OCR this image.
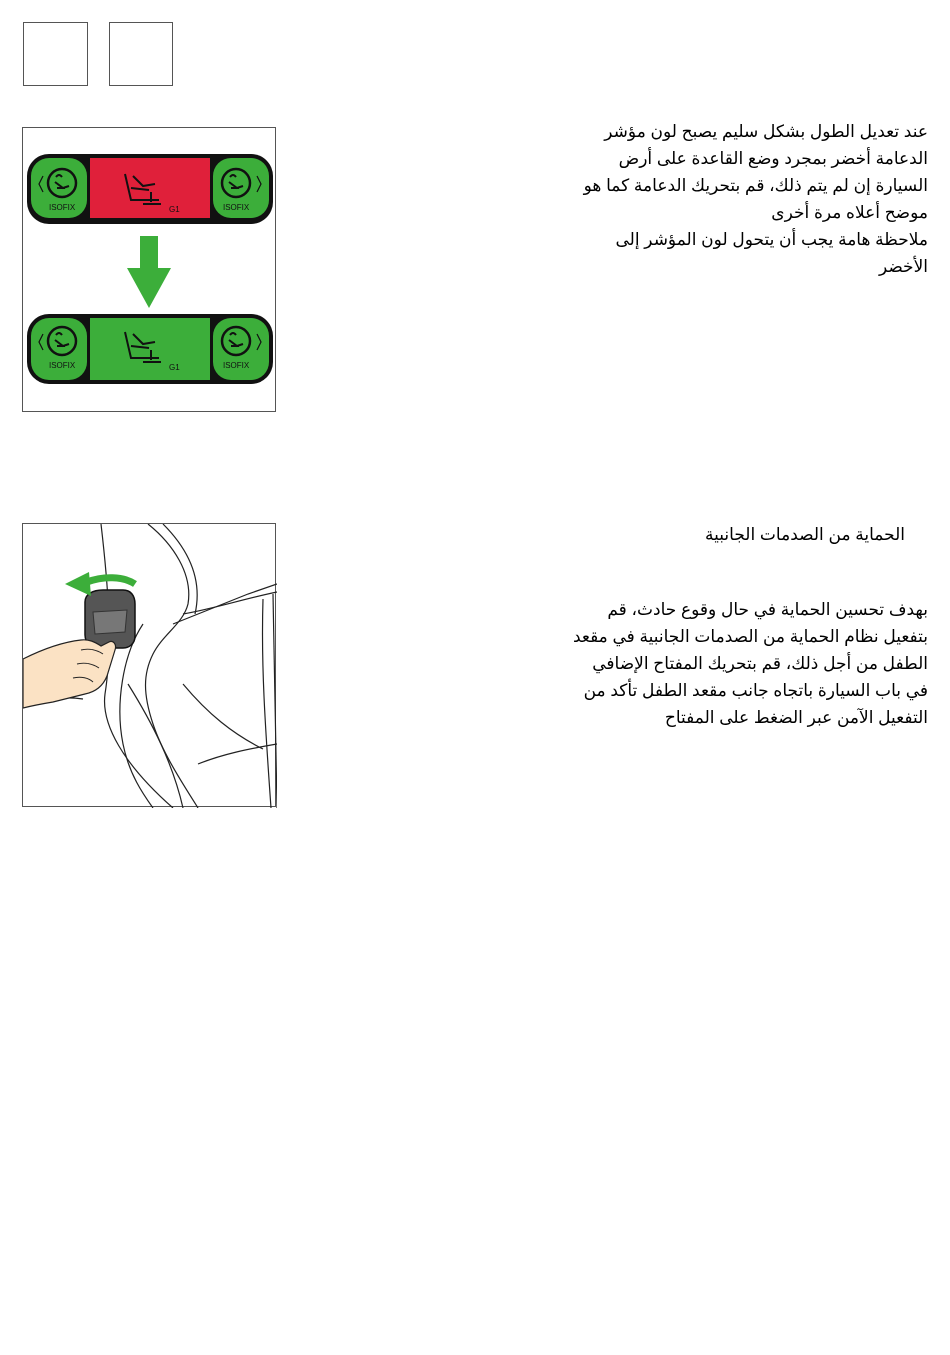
ISOFIX	ISOFIX
G1
ISOFIX	ISOFIX
G1
عند تعديل الطول بشكل سليم يصبح لون مؤشر
الدعامة أخضر بمجرد وضع القاعدة على أرض
السيارة إن لم يتم ذلك، قم بتحريك الدعامة كما هو
موضح أعلاه مرة أخرى
ملاحظة هامة يجب أن يتحول لون المؤشر إلى
الأخضر
الحماية من الصدمات الجانبية
بهدف تحسين الحماية في حال وقوع حادث، قم
بتفعيل نظام الحماية من الصدمات الجانبية في مقعد
الطفل من أجل ذلك، قم بتحريك المفتاح الإضافي
في باب السيارة باتجاه جانب مقعد الطفل تأكد من
التفعيل الآمن عبر الضغط على المفتاح
